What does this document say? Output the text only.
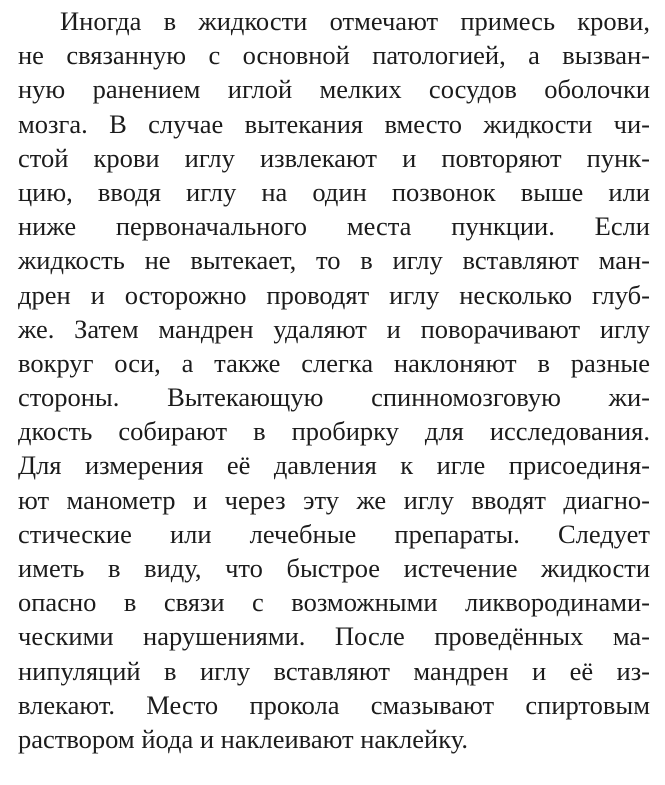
Иногда в жидкости отмечают примесь крови,
не связанную с основной патологией, а вызван-
ную ранением иглой мелких сосудов оболочки
мозга. В случае вытекания вместо жидкости чи-
стой крови иглу извлекают и повторяют пунк-
цию, вводя иглу на один позвонок выше или
ниже первоначального места пункции. Если
жидкость не вытекает, то в иглу вставляют ман-
дрен и осторожно проводят иглу несколько глуб-
же. Затем мандрен удаляют и поворачивают иглу
вокруг оси, а также слегка наклоняют в разные
стороны. Вытекающую спинномозговую жи-
дкость собирают в пробирку для исследования.
Для измерения её давления к игле присоединя-
ют манометр и через эту же иглу вводят диагно-
стические или лечебные препараты. Следует
иметь в виду, что быстрое истечение жидкости
опасно в связи с возможными ликвородинами-
ческими нарушениями. После проведённых ма-
нипуляций в иглу вставляют мандрен и её из-
влекают. Место прокола смазывают спиртовым
раствором йода и наклеивают наклейку.
